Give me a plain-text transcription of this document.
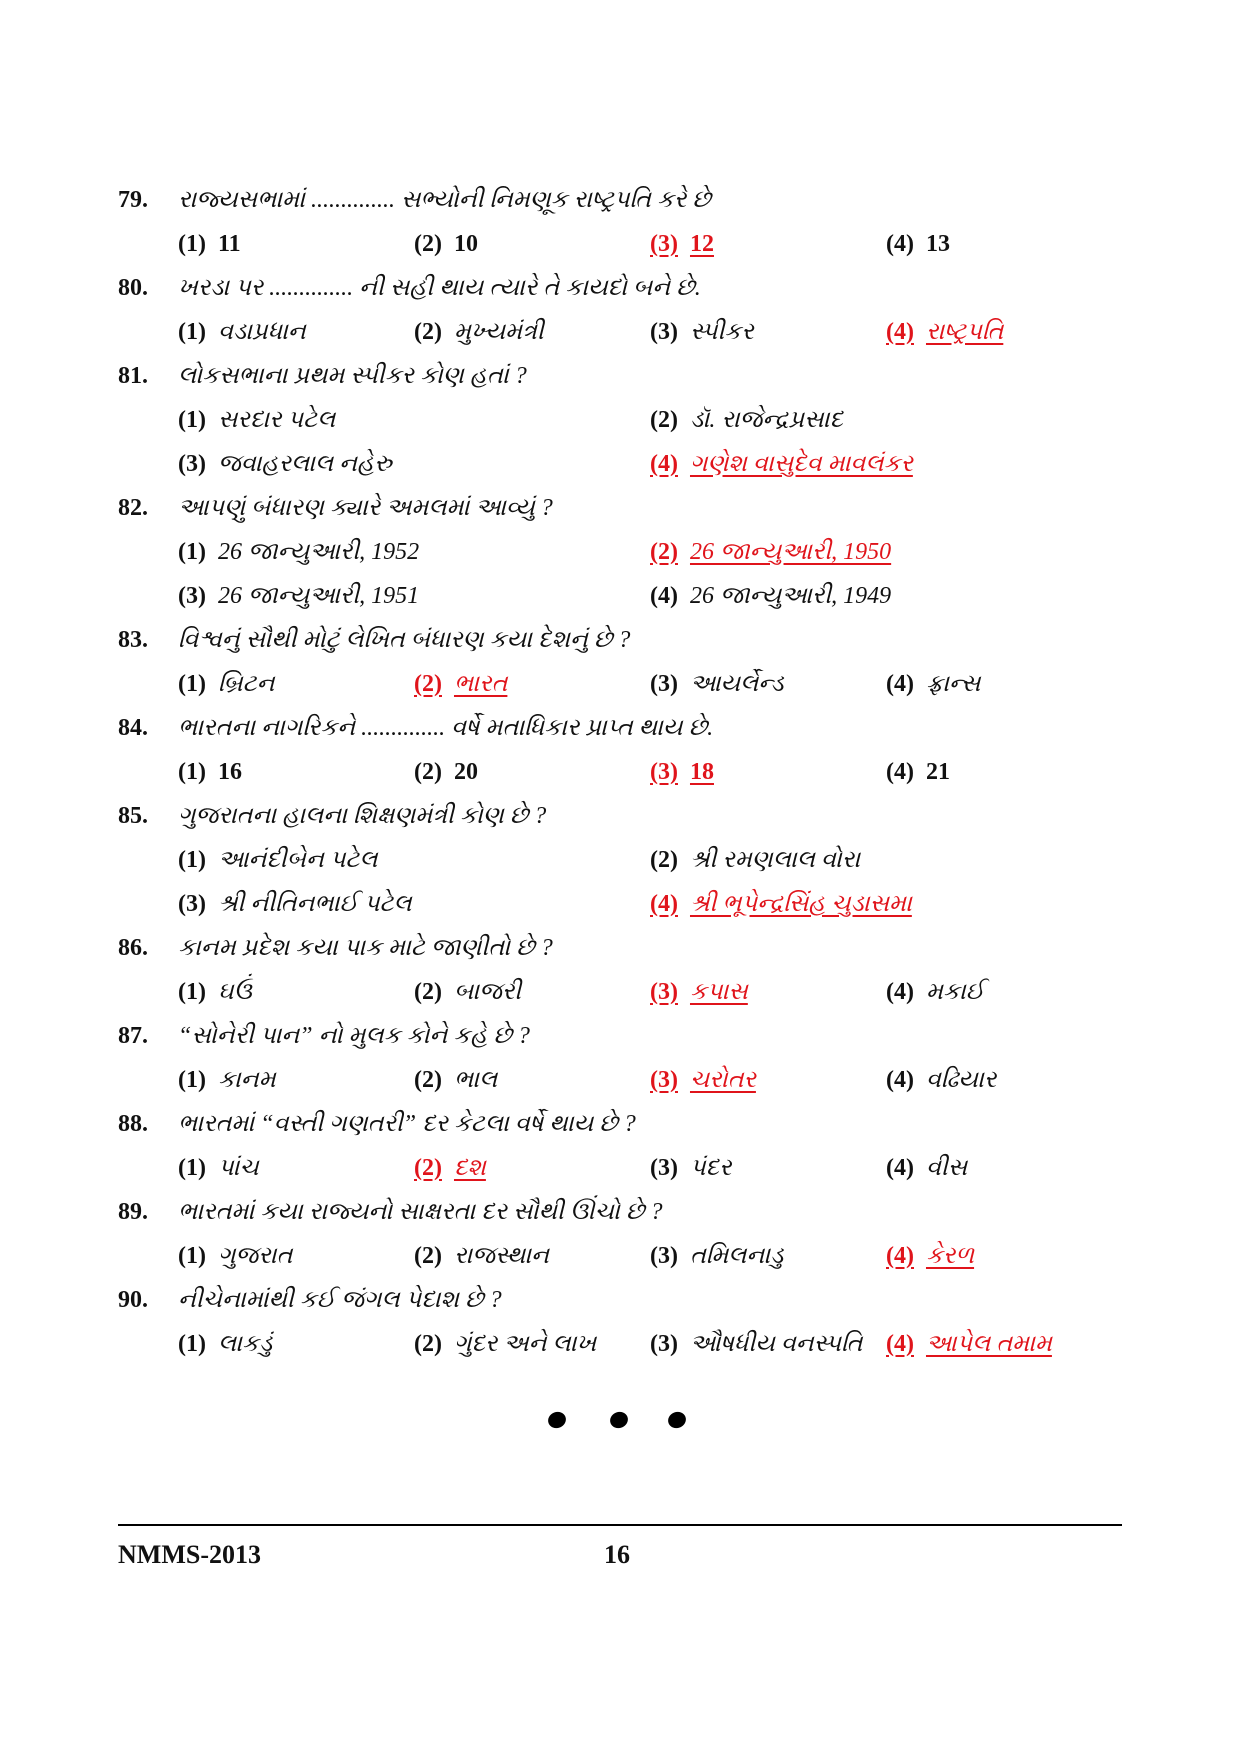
79.	રાજ્યસભામાં .............. સભ્યોની નિમણૂક રાષ્ટ્રપતિ કરે છે
(1) 11	(2) 10	(3) 12	(4) 13
80.	ખરડા પર .............. ની સહી થાય ત્યારે તે કાયદો બને છે.
(1) વડાપ્રધાન	(2) મુખ્યમંત્રી	(3) સ્પીકર	(4) રાષ્ટ્રપતિ
81.	લોકસભાના પ્રથમ સ્પીકર કોણ હતાં ?
(1) સરદાર પટેલ	(2) ડૉ. રાજેન્દ્રપ્રસાદ
(3) જવાહરલાલ નહેરુ	(4) ગણેશ વાસુદેવ માવલંકર
82.	આપણું બંધારણ ક્યારે અમલમાં આવ્યું ?
(1) 26 જાન્યુઆરી, 1952	(2) 26 જાન્યુઆરી, 1950
(3) 26 જાન્યુઆરી, 1951	(4) 26 જાન્યુઆરી, 1949
83.	વિશ્વનું સૌથી મોટું લેખિત બંધારણ કયા દેશનું છે ?
(1) બ્રિટન	(2) ભારત	(3) આયર્લેન્ડ	(4) ફ્રાન્સ
84.	ભારતના નાગરિકને .............. વર્ષે મતાધિકાર પ્રાપ્ત થાય છે.
(1) 16	(2) 20	(3) 18	(4) 21
85.	ગુજરાતના હાલના શિક્ષણમંત્રી કોણ છે ?
(1) આનંદીબેન પટેલ	(2) શ્રી રમણલાલ વોરા
(3) શ્રી નીતિનભાઈ પટેલ	(4) શ્રી ભૂપેન્દ્રસિંહ ચુડાસમા
86.	કાનમ પ્રદેશ કયા પાક માટે જાણીતો છે ?
(1) ઘઉં	(2) બાજરી	(3) કપાસ	(4) મકાઈ
87.	“સોનેરી પાન” નો મુલક કોને કહે છે ?
(1) કાનમ	(2) ભાલ	(3) ચરોતર	(4) વઢિયાર
88.	ભારતમાં “વસ્તી ગણતરી” દર કેટલા વર્ષે થાય છે ?
(1) પાંચ	(2) દશ	(3) પંદર	(4) વીસ
89.	ભારતમાં કયા રાજ્યનો સાક્ષરતા દર સૌથી ઊંચો છે ?
(1) ગુજરાત	(2) રાજસ્થાન	(3) તમિલનાડુ	(4) કેરળ
90.	નીચેનામાંથી કઈ જંગલ પેદાશ છે ?
(1) લાકડું	(2) ગુંદર અને લાખ (3) ઔષધીય વનસ્પતિ (4) આપેલ તમામ
NMMS-2013	16
